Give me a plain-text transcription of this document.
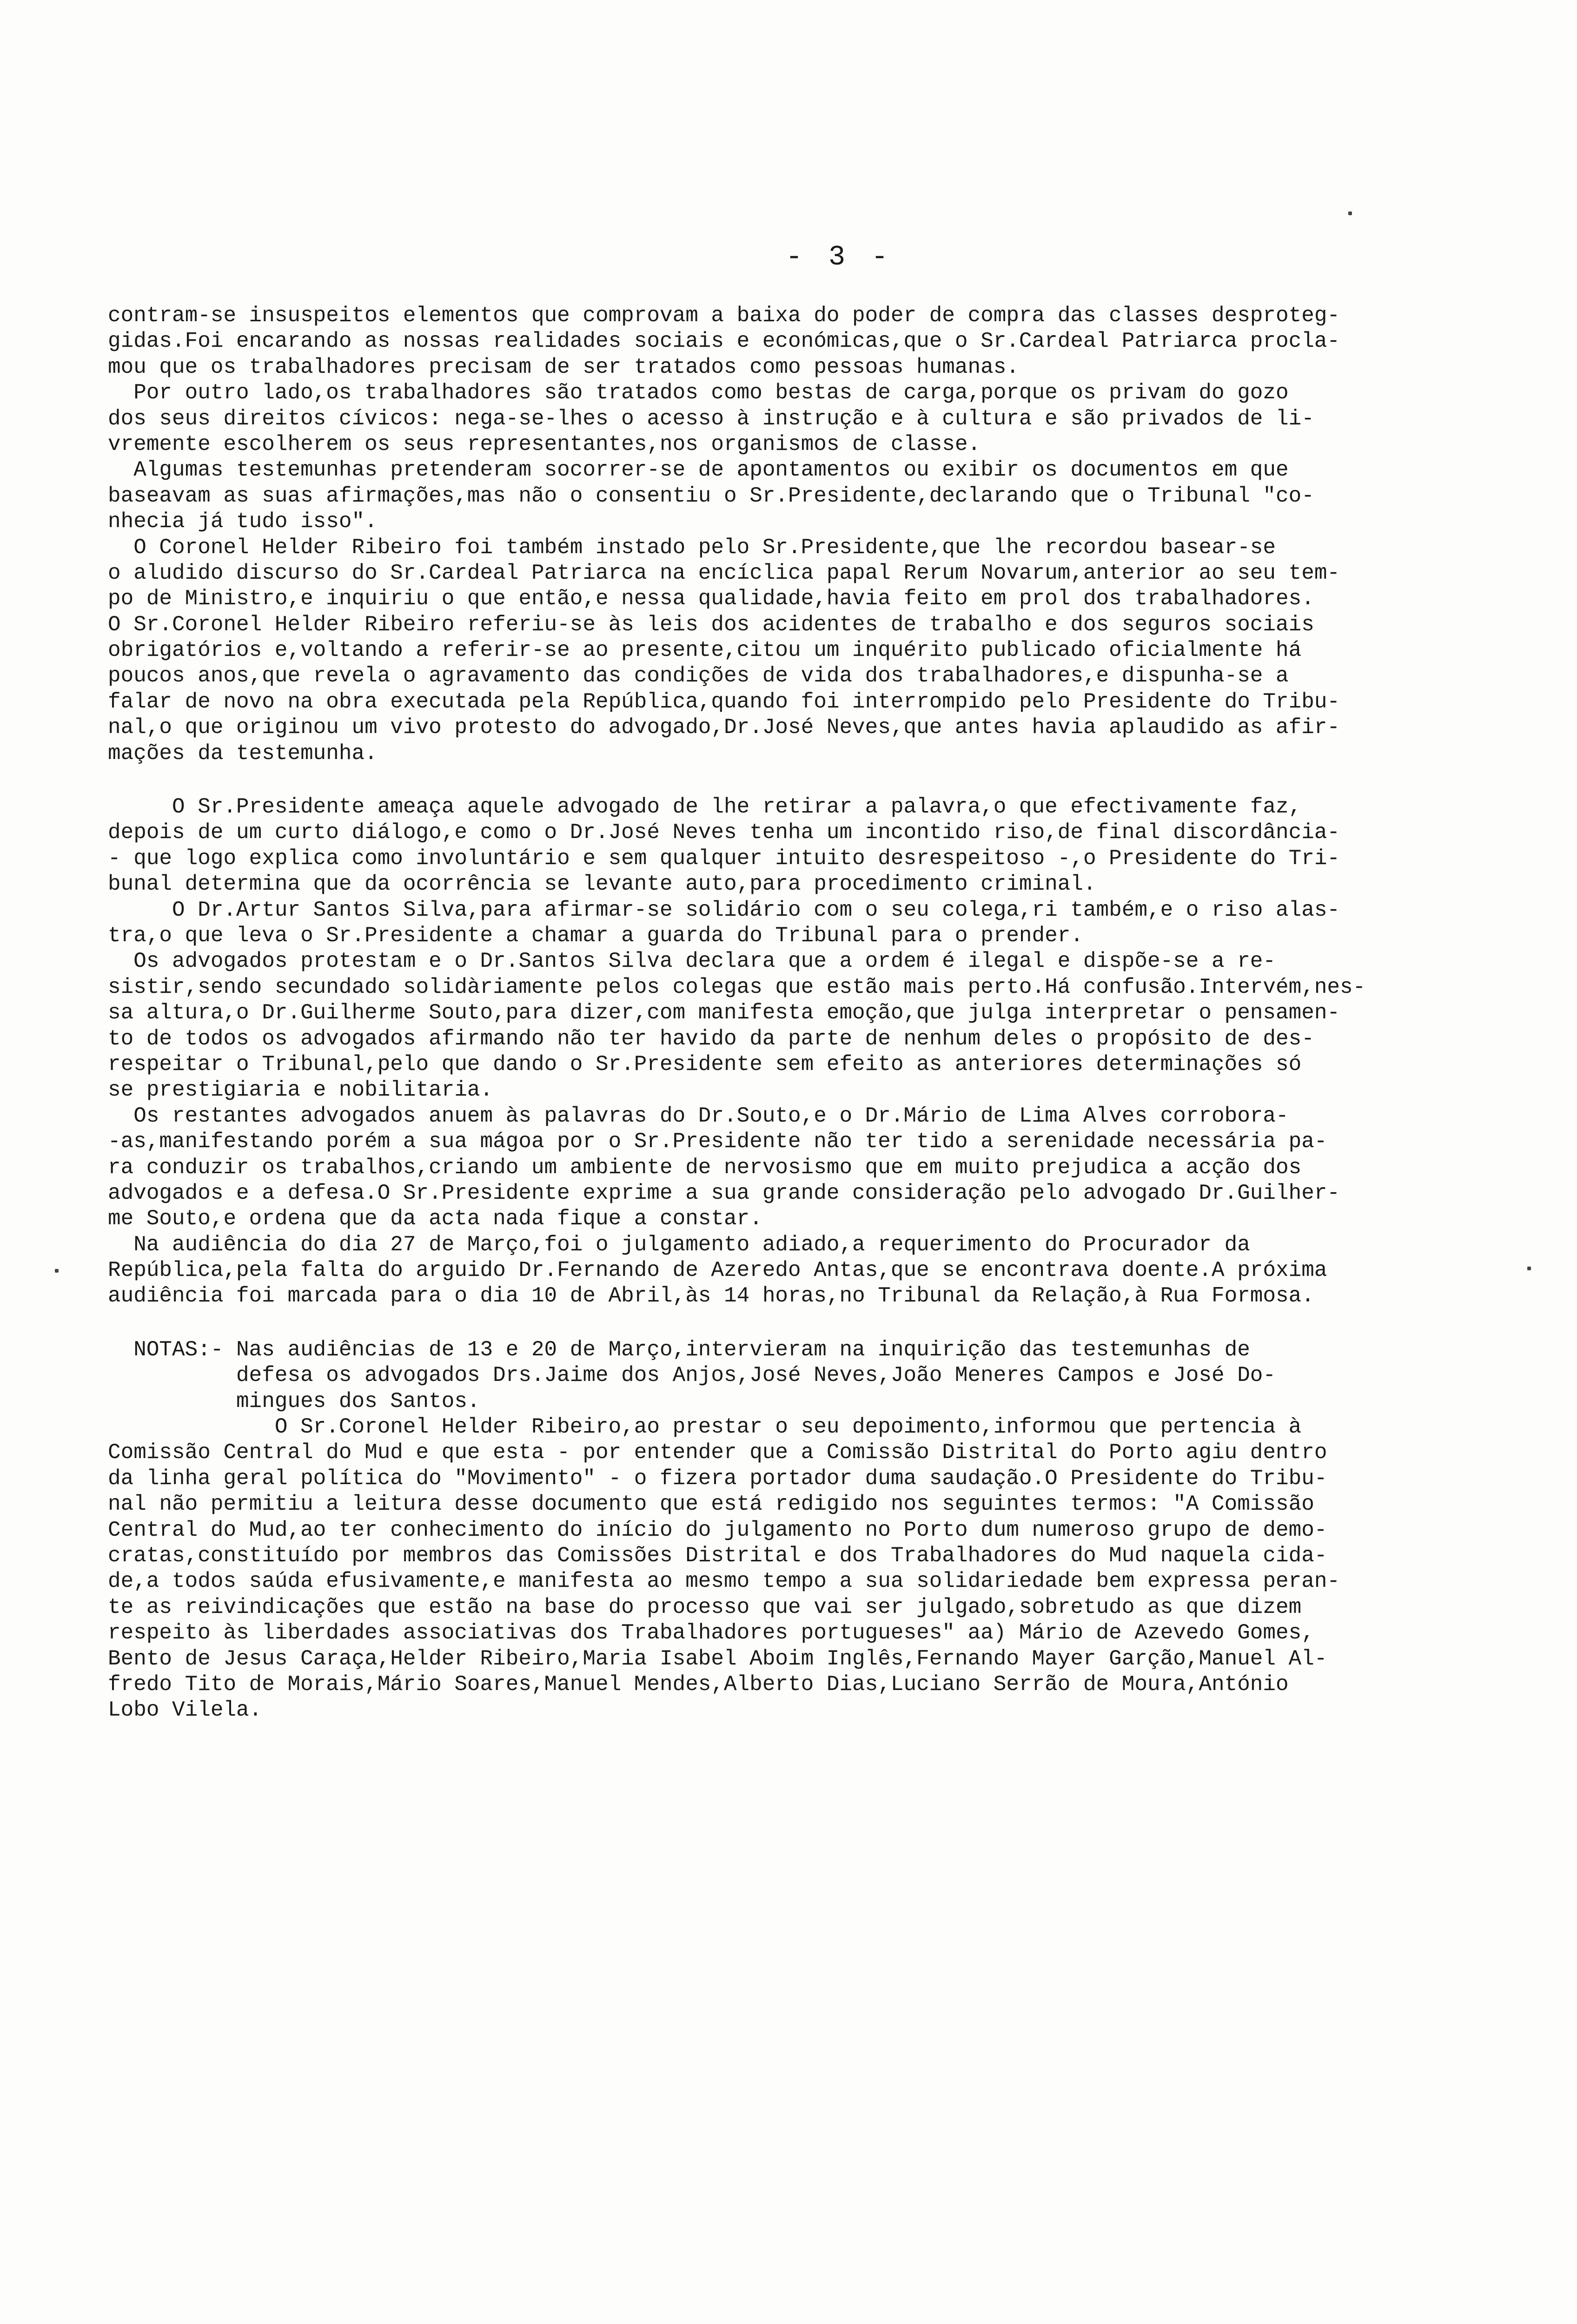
- 3 -
contram-se insuspeitos elementos que comprovam a baixa do poder de compra das classes desproteg-
gidas.Foi encarando as nossas realidades sociais e económicas,que o Sr.Cardeal Patriarca procla-
mou que os trabalhadores precisam de ser tratados como pessoas humanas.
Por outro lado,os trabalhadores são tratados como bestas de carga,porque os privam do gozo
dos seus direitos cívicos: nega-se-lhes o acesso à instrução e à cultura e são privados de li-
vremente escolherem os seus representantes,nos organismos de classe.
Algumas testemunhas pretenderam socorrer-se de apontamentos ou exibir os documentos em que
baseavam as suas afirmações,mas não o consentiu o Sr.Presidente,declarando que o Tribunal "co-
nhecia já tudo isso".
O Coronel Helder Ribeiro foi também instado pelo Sr.Presidente,que lhe recordou basear-se
o aludido discurso do Sr.Cardeal Patriarca na encíclica papal Rerum Novarum,anterior ao seu tem-
po de Ministro,e inquiriu o que então,e nessa qualidade,havia feito em prol dos trabalhadores.
O Sr.Coronel Helder Ribeiro referiu-se às leis dos acidentes de trabalho e dos seguros sociais
obrigatórios e,voltando a referir-se ao presente,citou um inquérito publicado oficialmente há
poucos anos,que revela o agravamento das condições de vida dos trabalhadores,e dispunha-se a
falar de novo na obra executada pela República,quando foi interrompido pelo Presidente do Tribu-
nal,o que originou um vivo protesto do advogado,Dr.José Neves,que antes havia aplaudido as afir-
mações da testemunha.
O Sr.Presidente ameaça aquele advogado de lhe retirar a palavra,o que efectivamente faz,
depois de um curto diálogo,e como o Dr.José Neves tenha um incontido riso,de final discordância-
- que logo explica como involuntário e sem qualquer intuito desrespeitoso -,o Presidente do Tri-
bunal determina que da ocorrência se levante auto,para procedimento criminal.
O Dr.Artur Santos Silva,para afirmar-se solidário com o seu colega,ri também,e o riso alas-
tra,o que leva o Sr.Presidente a chamar a guarda do Tribunal para o prender.
Os advogados protestam e o Dr.Santos Silva declara que a ordem é ilegal e dispõe-se a re-
sistir,sendo secundado solidàriamente pelos colegas que estão mais perto.Há confusão.Intervém,nes-
sa altura,o Dr.Guilherme Souto,para dizer,com manifesta emoção,que julga interpretar o pensamen-
to de todos os advogados afirmando não ter havido da parte de nenhum deles o propósito de des-
respeitar o Tribunal,pelo que dando o Sr.Presidente sem efeito as anteriores determinações só
se prestigiaria e nobilitaria.
Os restantes advogados anuem às palavras do Dr.Souto,e o Dr.Mário de Lima Alves corrobora-
-as,manifestando porém a sua mágoa por o Sr.Presidente não ter tido a serenidade necessária pa-
ra conduzir os trabalhos,criando um ambiente de nervosismo que em muito prejudica a acção dos
advogados e a defesa.O Sr.Presidente exprime a sua grande consideração pelo advogado Dr.Guilher-
me Souto,e ordena que da acta nada fique a constar.
Na audiência do dia 27 de Março,foi o julgamento adiado,a requerimento do Procurador da
República,pela falta do arguido Dr.Fernando de Azeredo Antas,que se encontrava doente.A próxima
audiência foi marcada para o dia 10 de Abril,às 14 horas,no Tribunal da Relação,à Rua Formosa.
NOTAS:- Nas audiências de 13 e 20 de Março,intervieram na inquirição das testemunhas de
defesa os advogados Drs.Jaime dos Anjos,José Neves,João Meneres Campos e José Do-
mingues dos Santos.
O Sr.Coronel Helder Ribeiro,ao prestar o seu depoimento,informou que pertencia à
Comissão Central do Mud e que esta - por entender que a Comissão Distrital do Porto agiu dentro
da linha geral política do "Movimento" - o fizera portador duma saudação.O Presidente do Tribu-
nal não permitiu a leitura desse documento que está redigido nos seguintes termos: "A Comissão
Central do Mud,ao ter conhecimento do início do julgamento no Porto dum numeroso grupo de demo-
cratas,constituído por membros das Comissões Distrital e dos Trabalhadores do Mud naquela cida-
de,a todos saúda efusivamente,e manifesta ao mesmo tempo a sua solidariedade bem expressa peran-
te as reivindicações que estão na base do processo que vai ser julgado,sobretudo as que dizem
respeito às liberdades associativas dos Trabalhadores portugueses" aa) Mário de Azevedo Gomes,
Bento de Jesus Caraça,Helder Ribeiro,Maria Isabel Aboim Inglês,Fernando Mayer Garção,Manuel Al-
fredo Tito de Morais,Mário Soares,Manuel Mendes,Alberto Dias,Luciano Serrão de Moura,António
Lobo Vilela.
